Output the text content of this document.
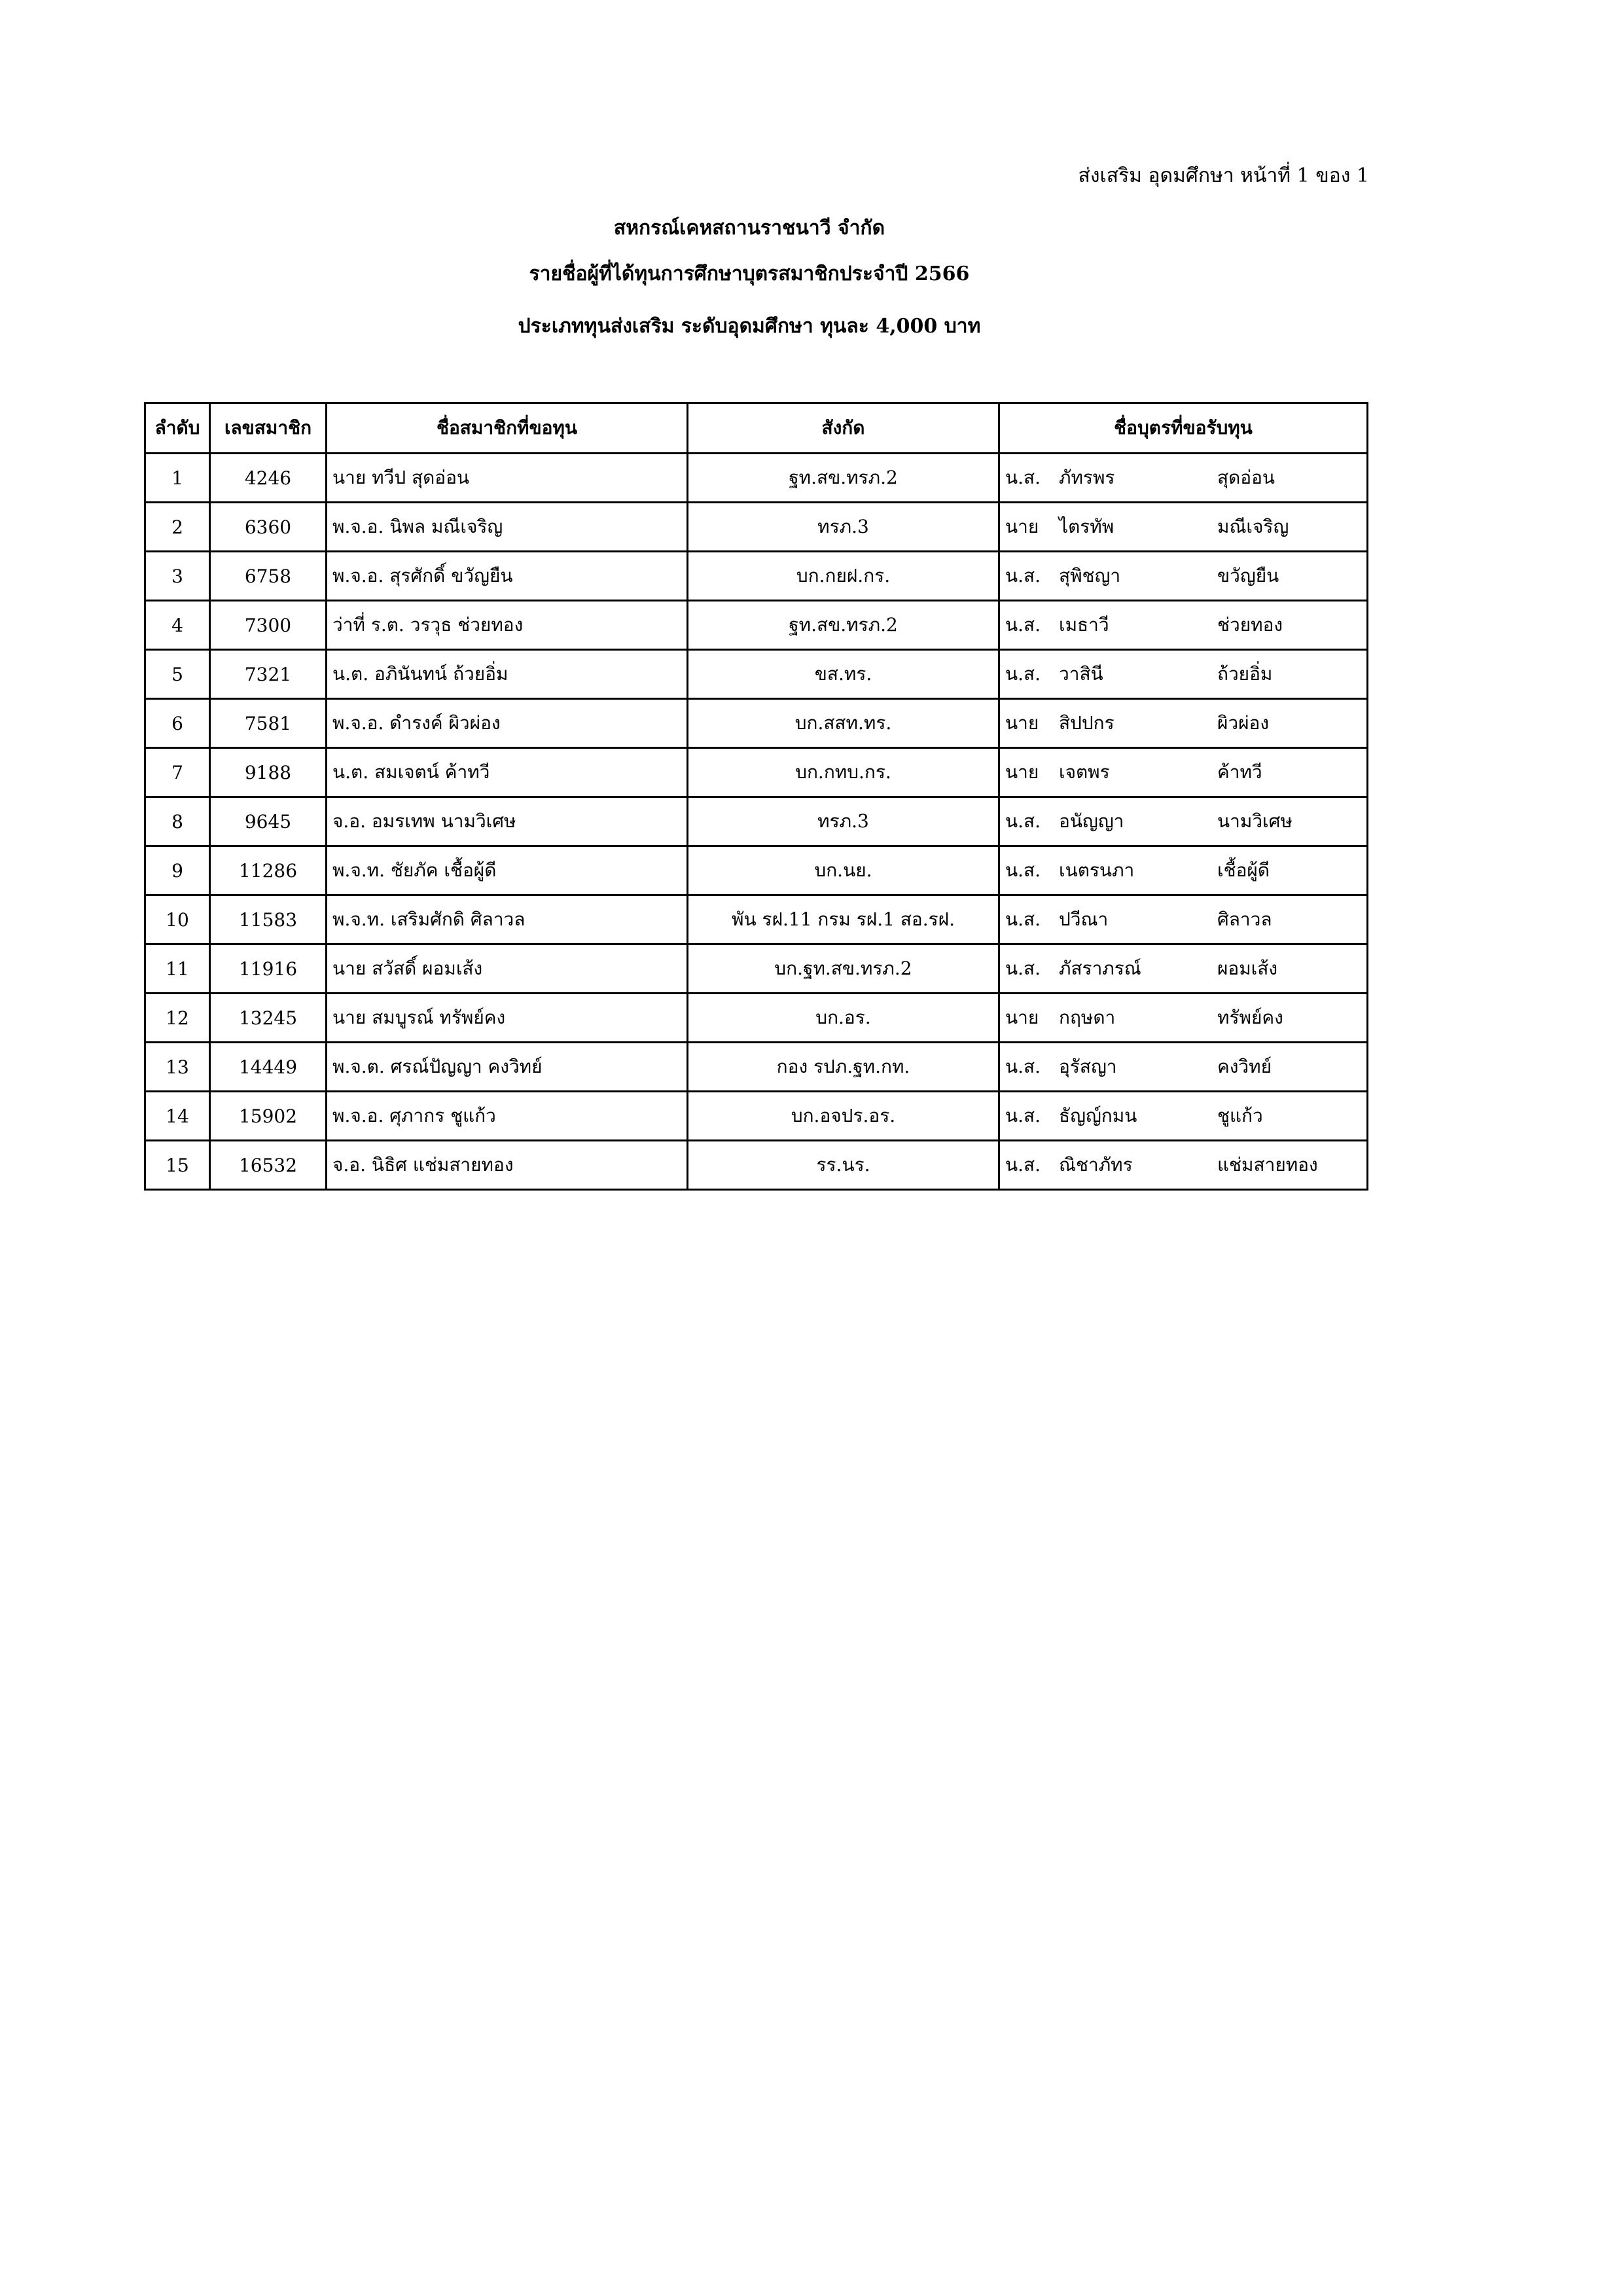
ส่งเสริม อุดมศึกษา หน้าที่ 1 ของ 1
สหกรณ์เคหสถานราชนาวี จำกัด
รายชื่อผู้ที่ได้ทุนการศึกษาบุตรสมาชิกประจำปี 2566
ประเภททุนส่งเสริม ระดับอุดมศึกษา ทุนละ 4,000 บาท
ลำดับ	เลขสมาชิก	ชื่อสมาชิกที่ขอทุน	สังกัด	ชื่อบุตรที่ขอรับทุน
1	4246	นาย ทวีป สุดอ่อน	ฐท.สข.ทรภ.2	น.ส. ภัทรพร สุดอ่อน
2	6360	พ.จ.อ. นิพล มณีเจริญ	ทรภ.3	นาย ไตรทัพ มณีเจริญ
3	6758	พ.จ.อ. สุรศักดิ์ ขวัญยืน	บก.กยฝ.กร.	น.ส. สุพิชญา ขวัญยืน
4	7300	ว่าที่ ร.ต. วรวุธ ช่วยทอง	ฐท.สข.ทรภ.2	น.ส. เมธาวี ช่วยทอง
5	7321	น.ต. อภินันทน์ ถ้วยอิ่ม	ขส.ทร.	น.ส. วาสินี ถ้วยอิ่ม
6	7581	พ.จ.อ. ดำรงค์ ผิวผ่อง	บก.สสท.ทร.	นาย สิปปกร ผิวผ่อง
7	9188	น.ต. สมเจตน์ ค้าทวี	บก.กทบ.กร.	นาย เจตพร ค้าทวี
8	9645	จ.อ. อมรเทพ นามวิเศษ	ทรภ.3	น.ส. อนัญญา นามวิเศษ
9	11286	พ.จ.ท. ชัยภัค เชื้อผู้ดี	บก.นย.	น.ส. เนตรนภา เชื้อผู้ดี
10	11583	พ.จ.ท. เสริมศักดิ ศิลาวล	พัน รฝ.11 กรม รฝ.1 สอ.รฝ.	น.ส. ปวีณา ศิลาวล
11	11916	นาย สวัสดิ์ ผอมเส้ง	บก.ฐท.สข.ทรภ.2	น.ส. ภัสราภรณ์ ผอมเส้ง
12	13245	นาย สมบูรณ์ ทรัพย์คง	บก.อร.	นาย กฤษดา ทรัพย์คง
13	14449	พ.จ.ต. ศรณ์ปัญญา คงวิทย์	กอง รปภ.ฐท.กท.	น.ส. อุรัสญา คงวิทย์
14	15902	พ.จ.อ. ศุภากร ชูแก้ว	บก.อจปร.อร.	น.ส. ธัญญ์กมน ชูแก้ว
15	16532	จ.อ. นิธิศ แช่มสายทอง	รร.นร.	น.ส. ณิชาภัทร แช่มสายทอง
